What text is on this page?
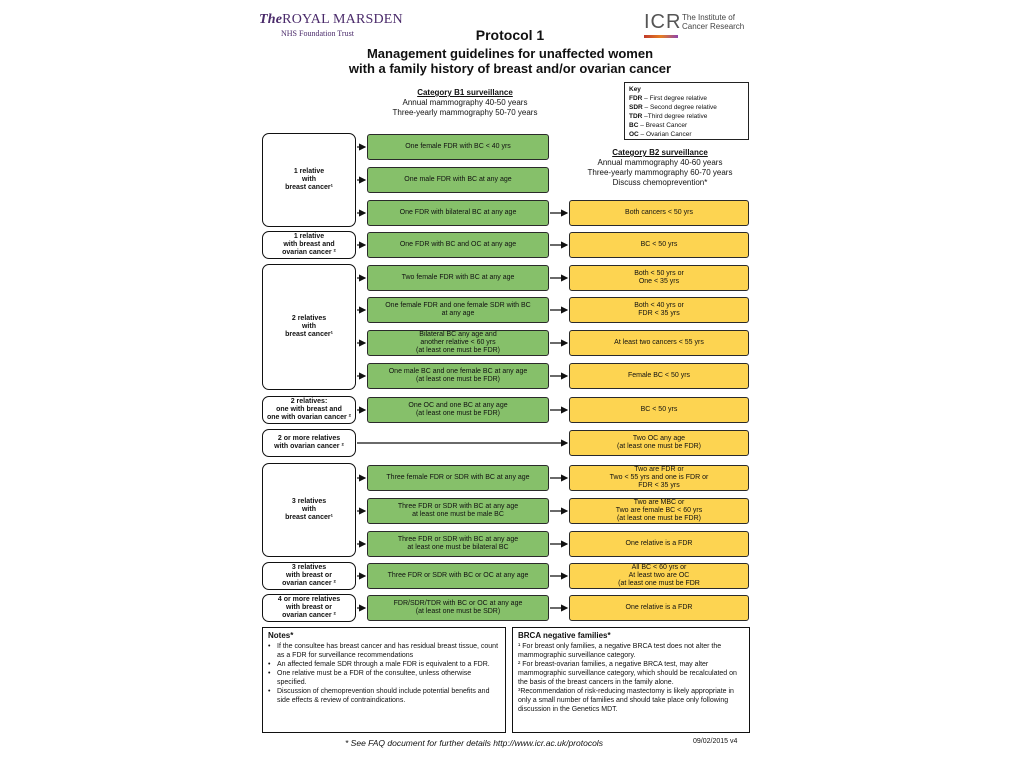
TheROYAL MARSDEN
NHS Foundation Trust
ICR The Institute of
Cancer Research
Protocol 1
Management guidelines for unaffected women
with a family history of breast and/or ovarian cancer
Category B1 surveillance
Annual mammography 40-50 years
Three-yearly mammography 50-70 years
Key
FDR – First degree relative
SDR – Second degree relative
TDR –Third degree relative
BC – Breast Cancer
OC – Ovarian Cancer
Category B2 surveillance
Annual mammography 40-60 years
Three-yearly mammography 60-70 years
Discuss chemoprevention*
1 relative
with
breast cancer¹
1 relative
with breast and
ovarian cancer ²
2 relatives
with
breast cancer¹
2 relatives:
one with breast and
one with ovarian cancer ²
2 or more relatives
with ovarian cancer ²
3 relatives
with
breast cancer¹
3 relatives
with breast or
ovarian cancer ²
4 or more relatives
with breast or
ovarian cancer ²
One female FDR with BC < 40 yrs
One male FDR with BC at any age
One FDR with bilateral BC at any age
One FDR with BC and OC at any age
Two female FDR with BC at any age
One female FDR and one female SDR with BC
at any age
Bilateral BC any age and
another relative < 60 yrs
(at least one must be FDR)
One male BC and one female BC at any age
(at least one must be FDR)
One OC and one BC at any age
(at least one must be FDR)
Three female FDR or SDR with BC at any age
Three FDR or SDR with BC at any age
at least one must be male BC
Three FDR or SDR with BC at any age
at least one must be bilateral BC
Three FDR or SDR with BC or OC at any age
FDR/SDR/TDR with BC or OC at any age
(at least one must be SDR)
Both cancers < 50 yrs
BC < 50 yrs
Both < 50 yrs or
One < 35 yrs
Both < 40 yrs or
FDR < 35 yrs
At least two cancers < 55 yrs
Female BC < 50 yrs
BC < 50 yrs
Two OC any age
(at least one must be FDR)
Two are FDR or
Two < 55 yrs and one is FDR or
FDR < 35 yrs
Two are MBC or
Two are female BC < 60 yrs
(at least one must be FDR)
One relative is a FDR
All BC < 60 yrs or
At least two are OC
(at least one must be FDR
One relative is a FDR
Notes*
• If the consultee has breast cancer and has residual breast tissue, count as a FDR for surveillance recommendations
• An affected female SDR through a male FDR is equivalent to a FDR.
• One relative must be a FDR of the consultee, unless otherwise specified.
• Discussion of chemoprevention should include potential benefits and side effects & review of contraindications.
BRCA negative families*

¹ For breast only families, a negative BRCA test does not alter the mammographic surveillance category.

² For breast-ovarian families, a negative BRCA test, may alter mammographic surveillance category, which should be recalculated on the basis of the breast cancers in the family alone.

³Recommendation of risk-reducing mastectomy is likely appropriate in only a small number of families and should take place only following discussion in the Genetics MDT.

* See FAQ document for further details http://www.icr.ac.uk/protocols	09/02/2015 v4
